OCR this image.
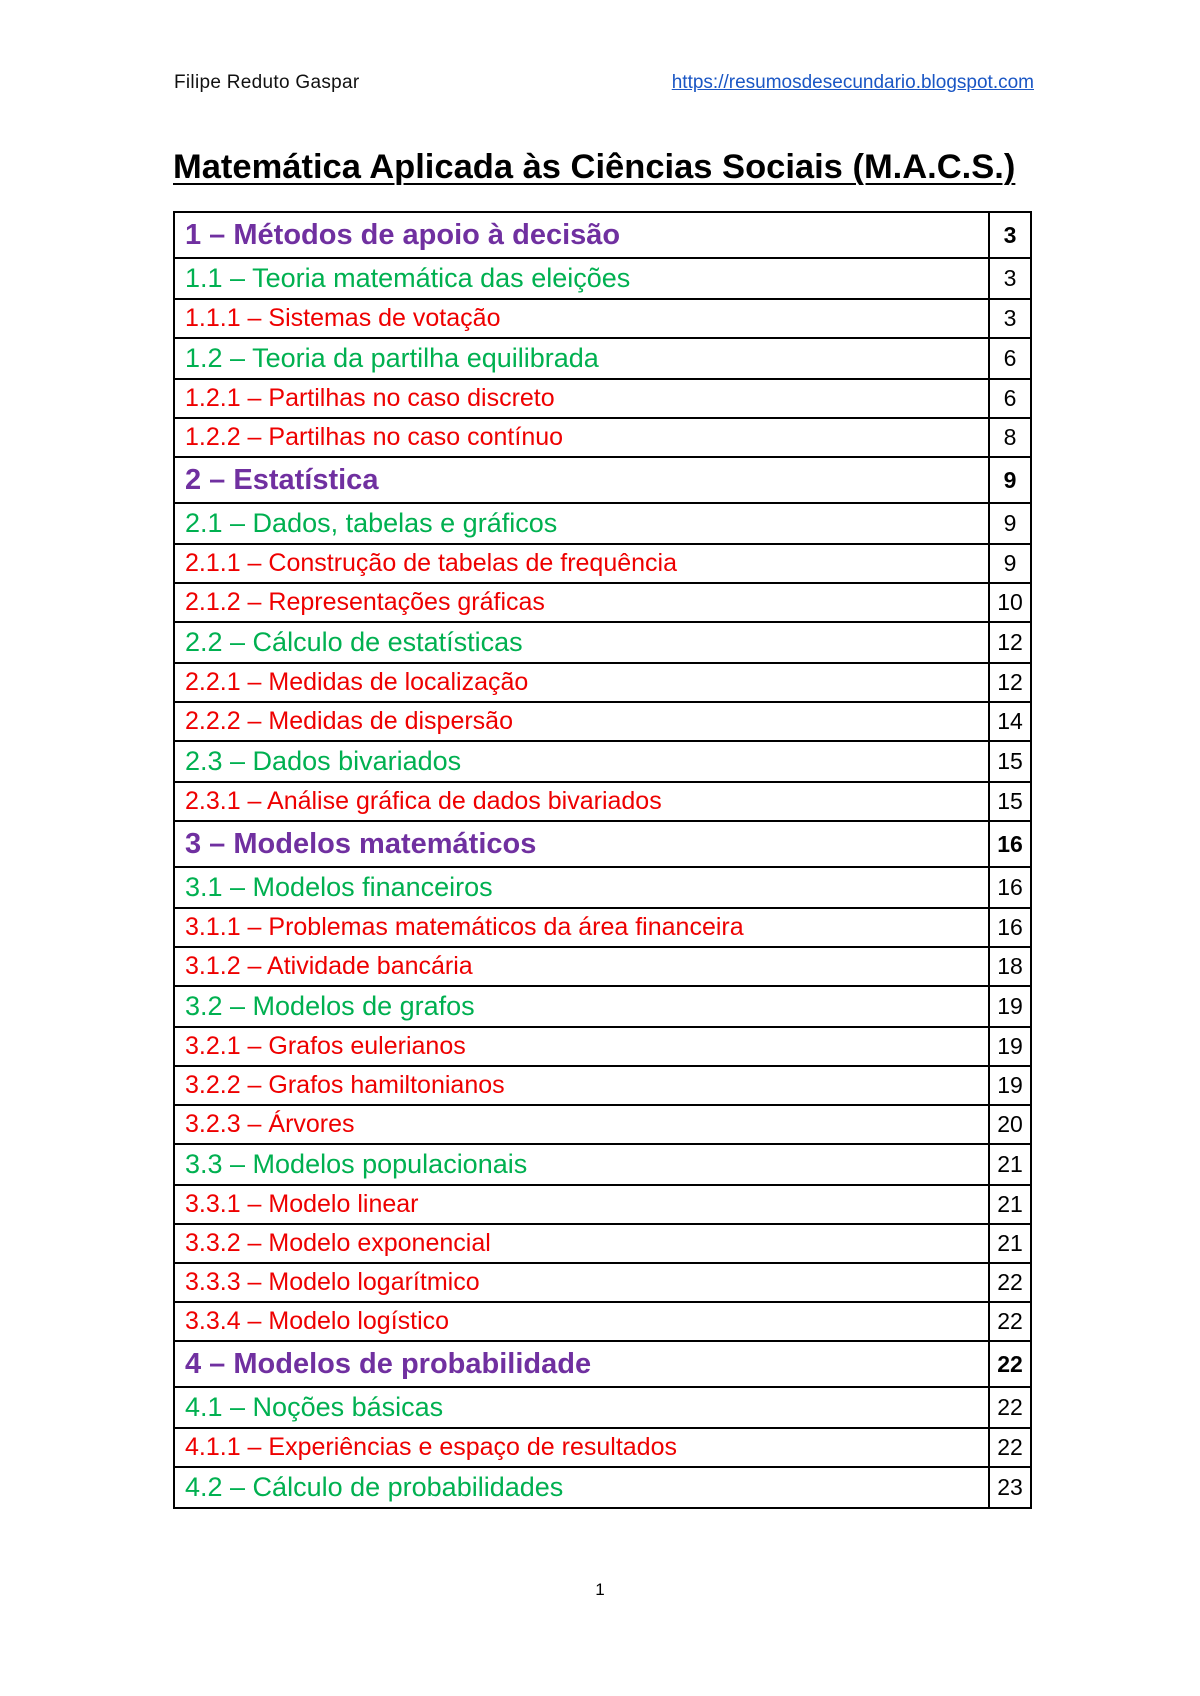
Filipe Reduto Gaspar	https://resumosdesecundario.blogspot.com
Matemática Aplicada às Ciências Sociais (M.A.C.S.)
1 – Métodos de apoio à decisão	3
1.1 – Teoria matemática das eleições	3
1.1.1 – Sistemas de votação	3
1.2 – Teoria da partilha equilibrada	6
1.2.1 – Partilhas no caso discreto	6
1.2.2 – Partilhas no caso contínuo	8
2 – Estatística	9
2.1 – Dados, tabelas e gráficos	9
2.1.1 – Construção de tabelas de frequência	9
2.1.2 – Representações gráficas	10
2.2 – Cálculo de estatísticas	12
2.2.1 – Medidas de localização	12
2.2.2 – Medidas de dispersão	14
2.3 – Dados bivariados	15
2.3.1 – Análise gráfica de dados bivariados	15
3 – Modelos matemáticos	16
3.1 – Modelos financeiros	16
3.1.1 – Problemas matemáticos da área financeira	16
3.1.2 – Atividade bancária	18
3.2 – Modelos de grafos	19
3.2.1 – Grafos eulerianos	19
3.2.2 – Grafos hamiltonianos	19
3.2.3 – Árvores	20
3.3 – Modelos populacionais	21
3.3.1 – Modelo linear	21
3.3.2 – Modelo exponencial	21
3.3.3 – Modelo logarítmico	22
3.3.4 – Modelo logístico	22
4 – Modelos de probabilidade	22
4.1 – Noções básicas	22
4.1.1 – Experiências e espaço de resultados	22
4.2 – Cálculo de probabilidades	23
1
